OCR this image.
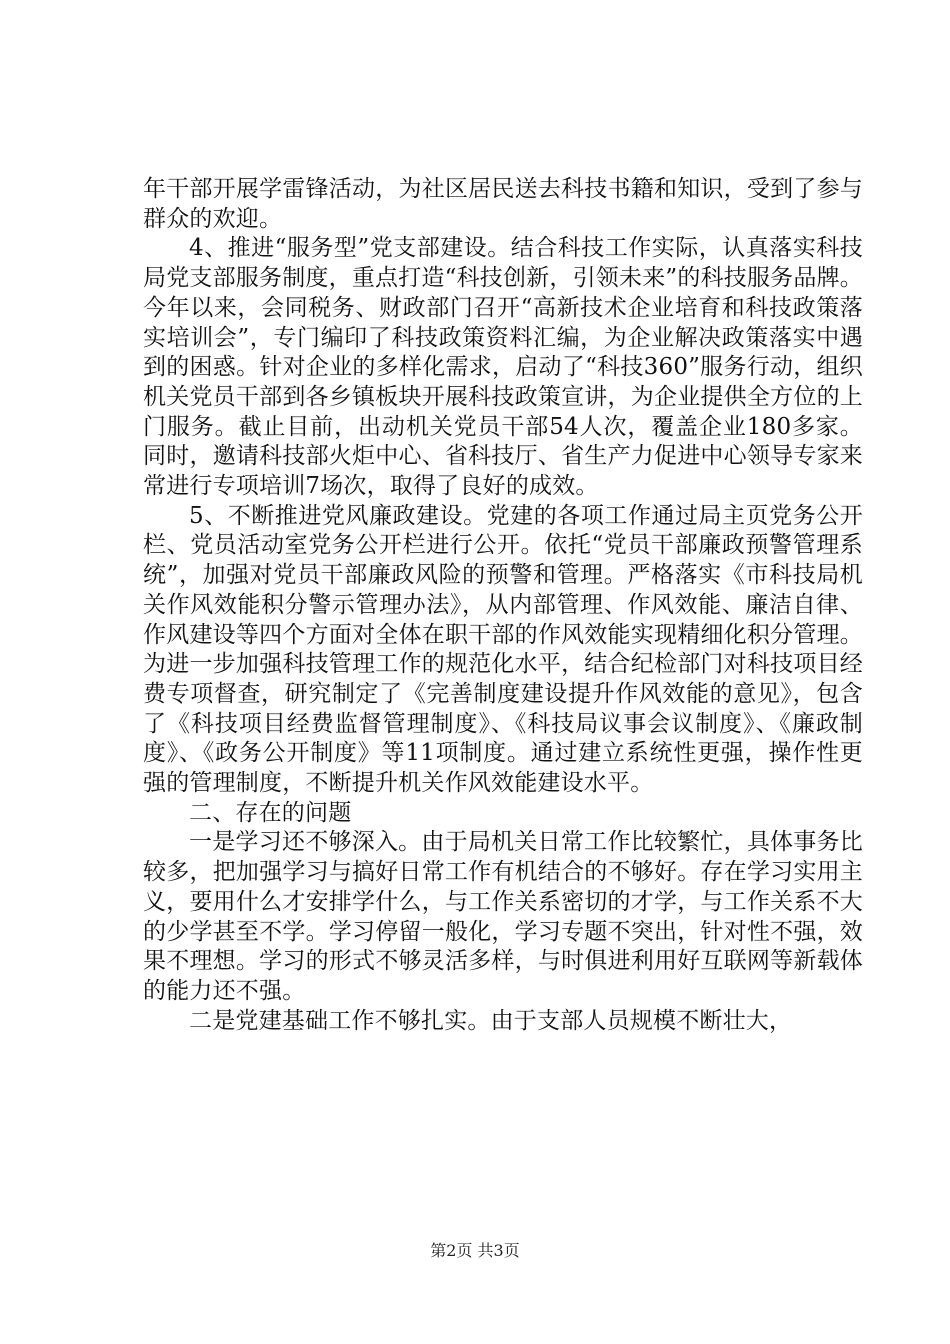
年干部开展学雷锋活动，为社区居民送去科技书籍和知识，受到了参与群众的欢迎。

4、推进“服务型”党支部建设。结合科技工作实际，认真落实科技局党支部服务制度，重点打造“科技创新，引领未来”的科技服务品牌。今年以来，会同税务、财政部门召开“高新技术企业培育和科技政策落实培训会”，专门编印了科技政策资料汇编，为企业解决政策落实中遇到的困惑。针对企业的多样化需求，启动了“科技360”服务行动，组织机关党员干部到各乡镇板块开展科技政策宣讲，为企业提供全方位的上门服务。截止目前，出动机关党员干部54人次，覆盖企业180多家。同时，邀请科技部火炬中心、省科技厅、省生产力促进中心领导专家来常进行专项培训7场次，取得了良好的成效。

5、不断推进党风廉政建设。党建的各项工作通过局主页党务公开栏、党员活动室党务公开栏进行公开。依托“党员干部廉政预警管理系统”，加强对党员干部廉政风险的预警和管理。严格落实《市科技局机关作风效能积分警示管理办法》，从内部管理、作风效能、廉洁自律、作风建设等四个方面对全体在职干部的作风效能实现精细化积分管理。为进一步加强科技管理工作的规范化水平，结合纪检部门对科技项目经费专项督查，研究制定了《完善制度建设提升作风效能的意见》，包含了《科技项目经费监督管理制度》、《科技局议事会议制度》、《廉政制度》、《政务公开制度》等11项制度。通过建立系统性更强，操作性更强的管理制度，不断提升机关作风效能建设水平。

二、存在的问题

一是学习还不够深入。由于局机关日常工作比较繁忙，具体事务比较多，把加强学习与搞好日常工作有机结合的不够好。存在学习实用主义，要用什么才安排学什么，与工作关系密切的才学，与工作关系不大的少学甚至不学。学习停留一般化，学习专题不突出，针对性不强，效果不理想。学习的形式不够灵活多样，与时俱进利用好互联网等新载体的能力还不强。

二是党建基础工作不够扎实。由于支部人员规模不断壮大，

第2页 共3页
